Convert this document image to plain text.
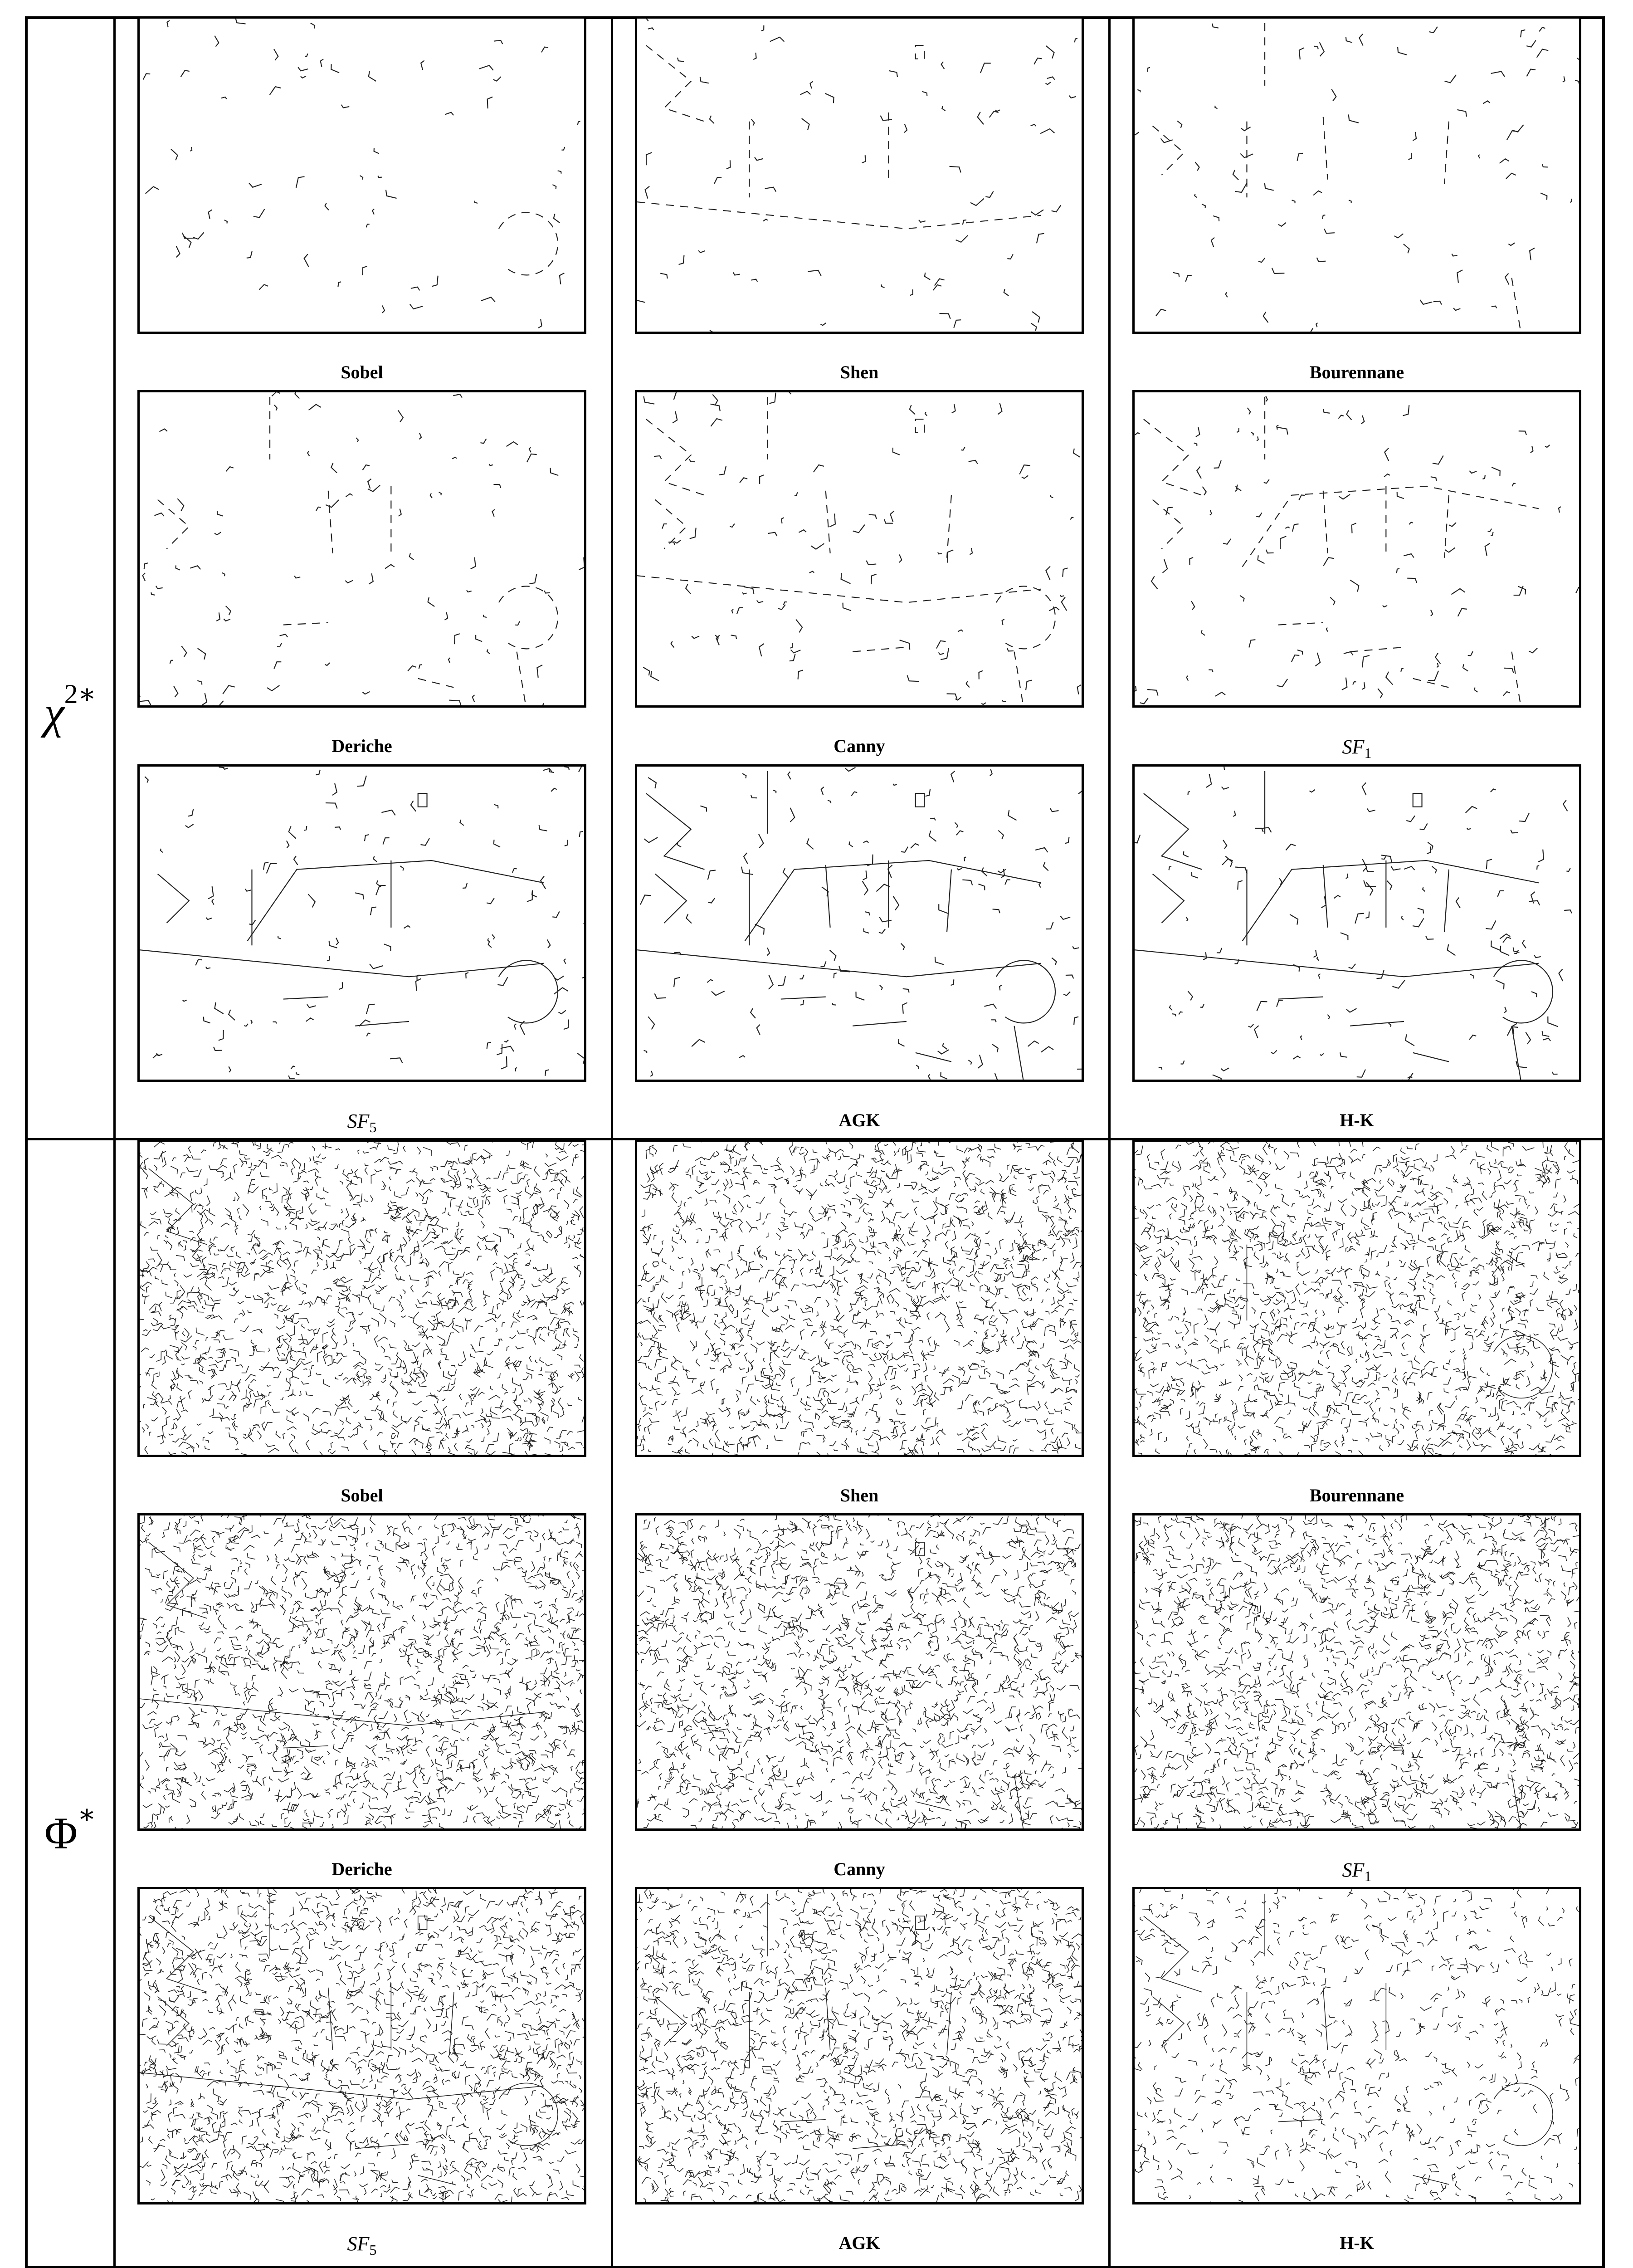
$\chi^{2∗}$
Φ∗
Sobel	Shen	Bourennane
Deriche	Canny	$SF_1$
$SF_5$	AGK	H-K
Sobel	Shen	Bourennane
Deriche	Canny	$SF_1$
$SF_5$	AGK	H-K
